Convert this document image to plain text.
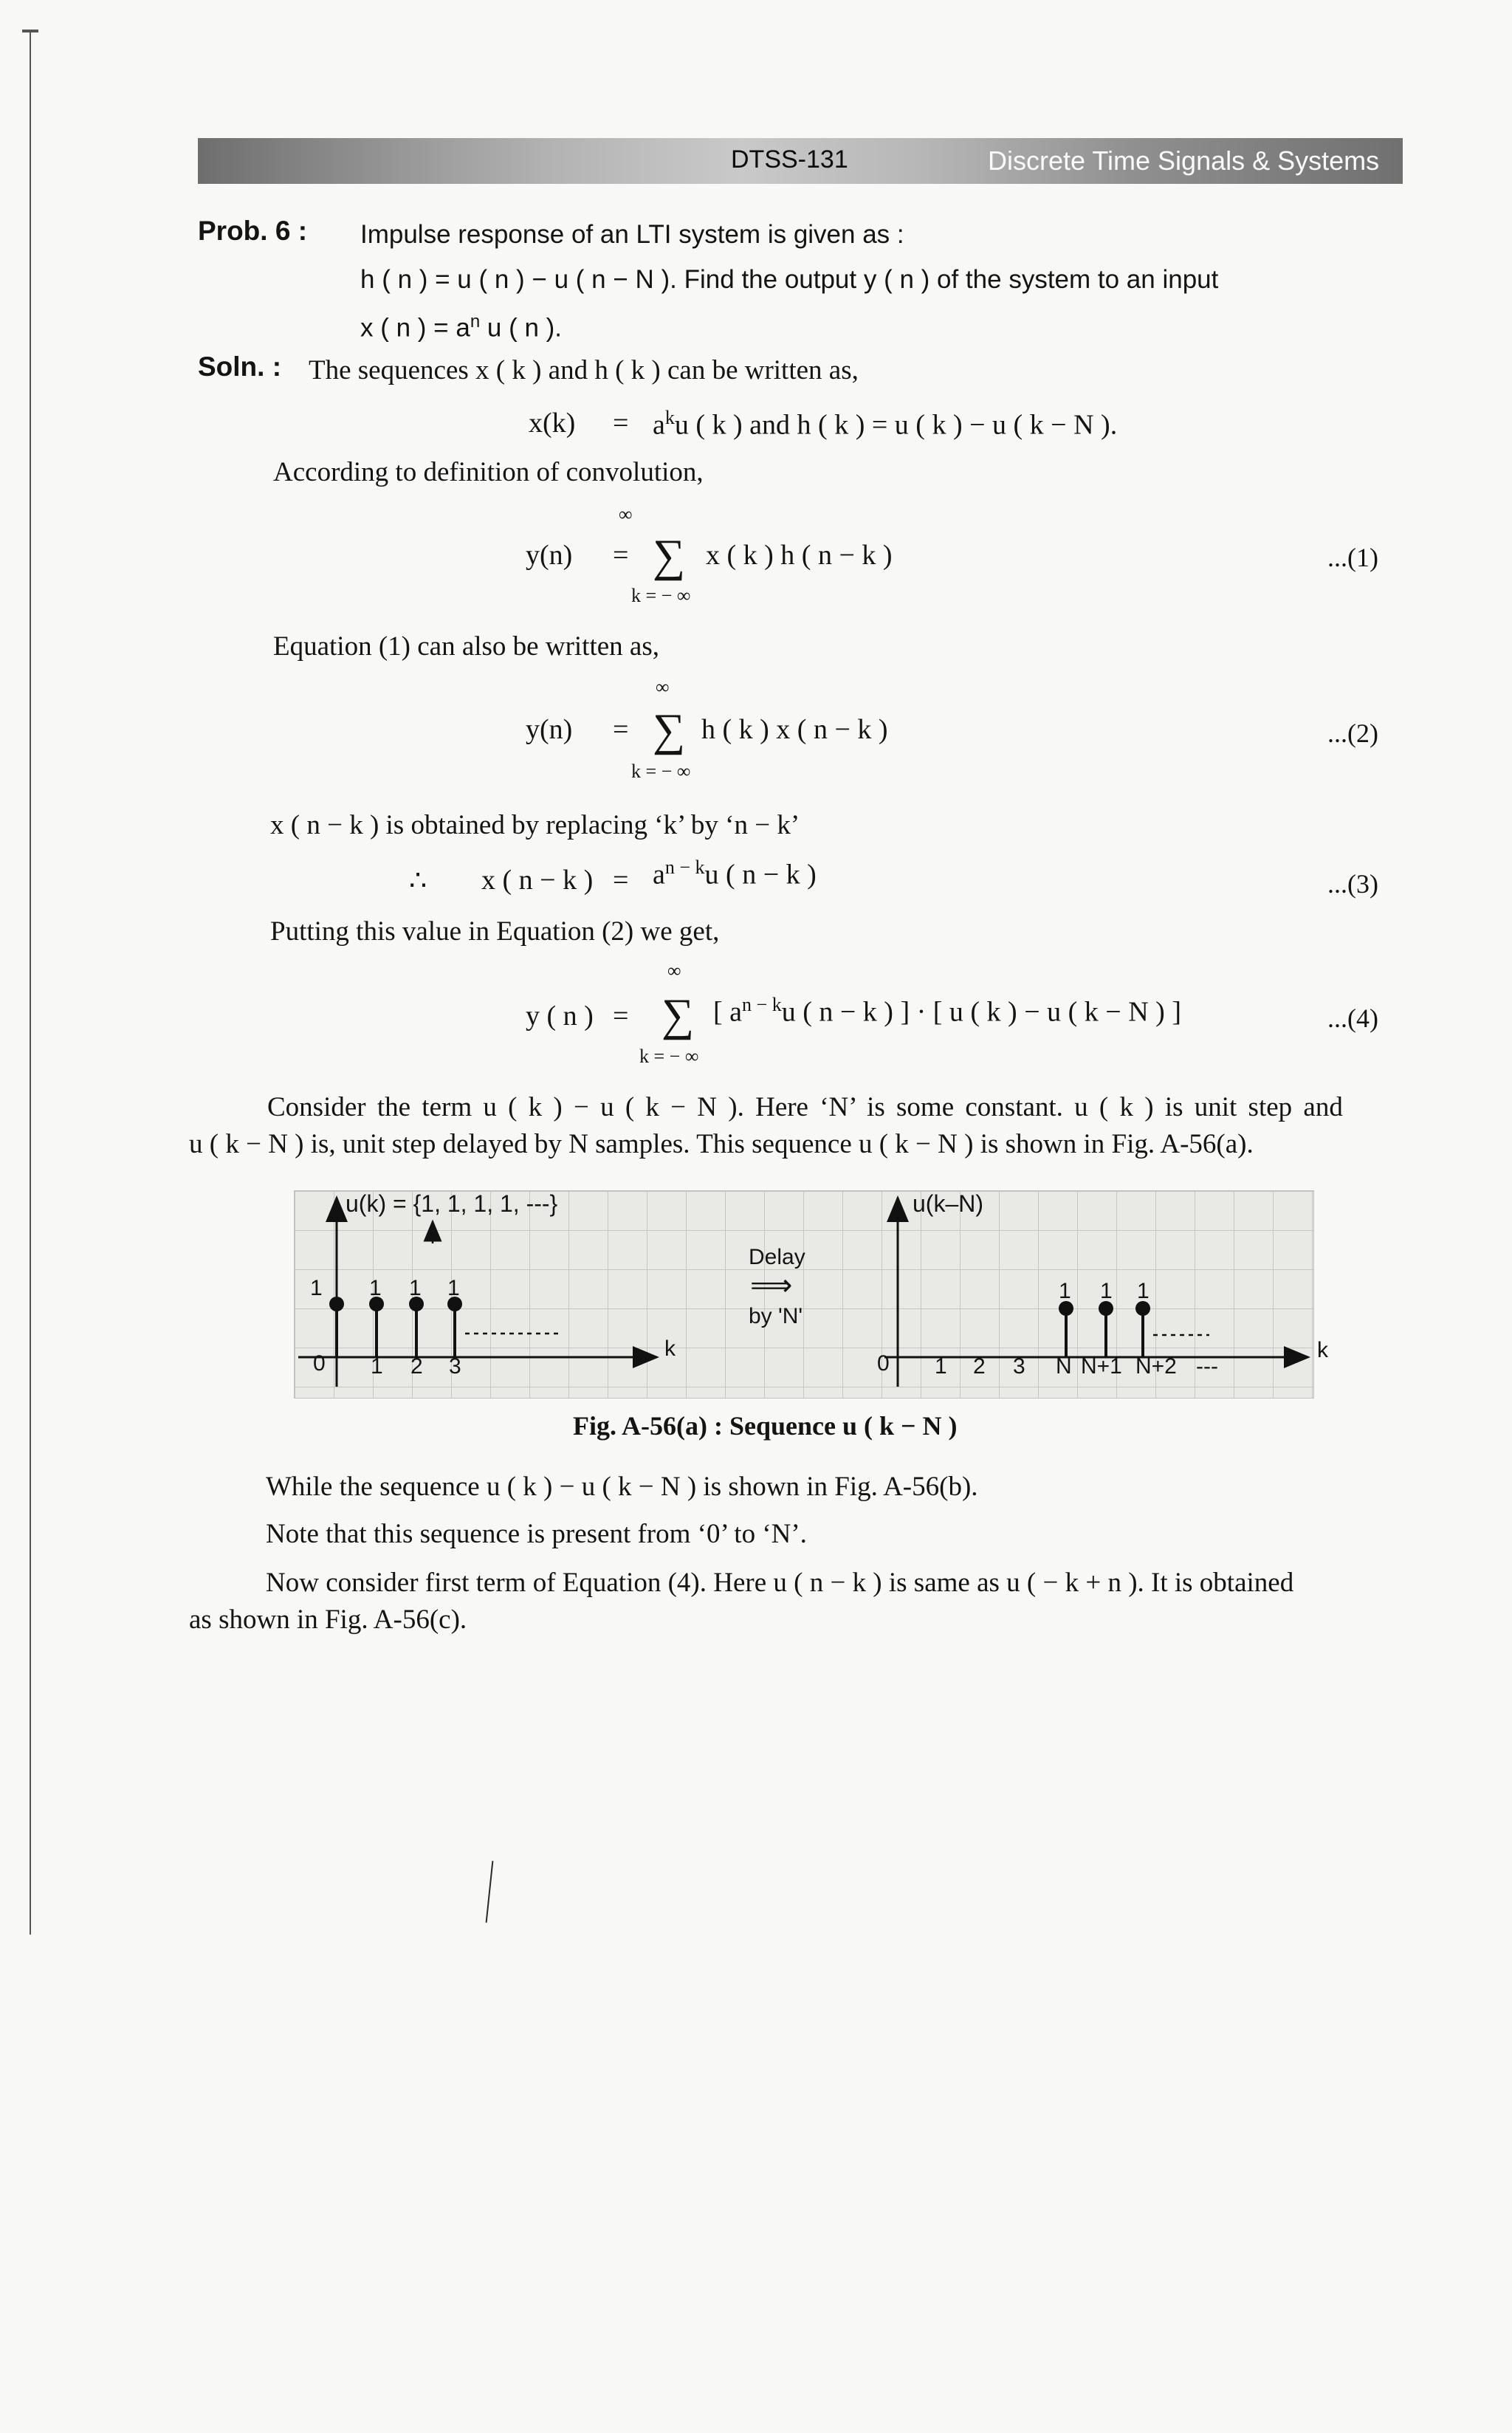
DTSS-131	Discrete Time Signals & Systems
Prob. 6 : Impulse response of an LTI system is given as :
h ( n ) = u ( n ) − u ( n − N ). Find the output y ( n ) of the system to an input
x ( n ) = $a^n$ u ( n ).
Soln. : The sequences x ( k ) and h ( k ) can be written as,
$x(k) = a^ku$ ( k ) and h ( k ) = u ( k ) − u ( k − N ).
According to definition of convolution,
∞
y(n) = ∑ x ( k ) h ( n − k )
k = − ∞
...(1)
Equation (1) can also be written as,
∞
y(n) = ∑ h ( k ) x ( n − k )
k = − ∞
...(2)
x ( n − k ) is obtained by replacing ‘k’ by ‘n − k’
∴ x ( n − k ) = $a^{n - k}u$ ( n − k )	...(3)
Putting this value in Equation (2) we get,
∞
y ( n ) = ∑ [ $a^{n - k}u$ ( n − k ) ] · [ u ( k ) − u ( k − N ) ]
k = − ∞
...(4)
Consider the term u ( k ) − u ( k − N ). Here ‘N’ is some constant. u ( k ) is unit step and
u ( k − N ) is, unit step delayed by N samples. This sequence u ( k − N ) is shown in Fig. A-56(a).
u(k) = {1, 1, 1, 1, ---}
1 1 1 1
0 1 2 3
k
Delay
⟹
by 'N'
u(k–N)
1 1 1
0 1 2 3 N N+1 N+2 ---
k
Fig. A-56(a) : Sequence u ( k − N )
While the sequence u ( k ) − u ( k − N ) is shown in Fig. A-56(b).
Note that this sequence is present from ‘0’ to ‘N’.
Now consider first term of Equation (4). Here u ( n − k ) is same as u ( − k + n ). It is obtained
as shown in Fig. A-56(c).
